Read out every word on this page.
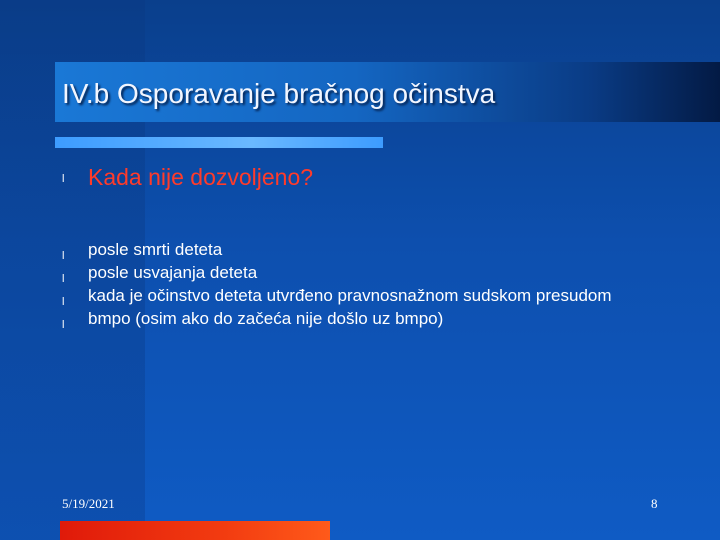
IV.b Osporavanje bračnog očinstva
l Kada nije dozvoljeno?
l posle smrti deteta
l posle usvajanja deteta
l kada je očinstvo deteta utvrđeno pravnosnažnom sudskom presudom
l bmpo (osim ako do začeća nije došlo uz bmpo)
5/19/2021	8
